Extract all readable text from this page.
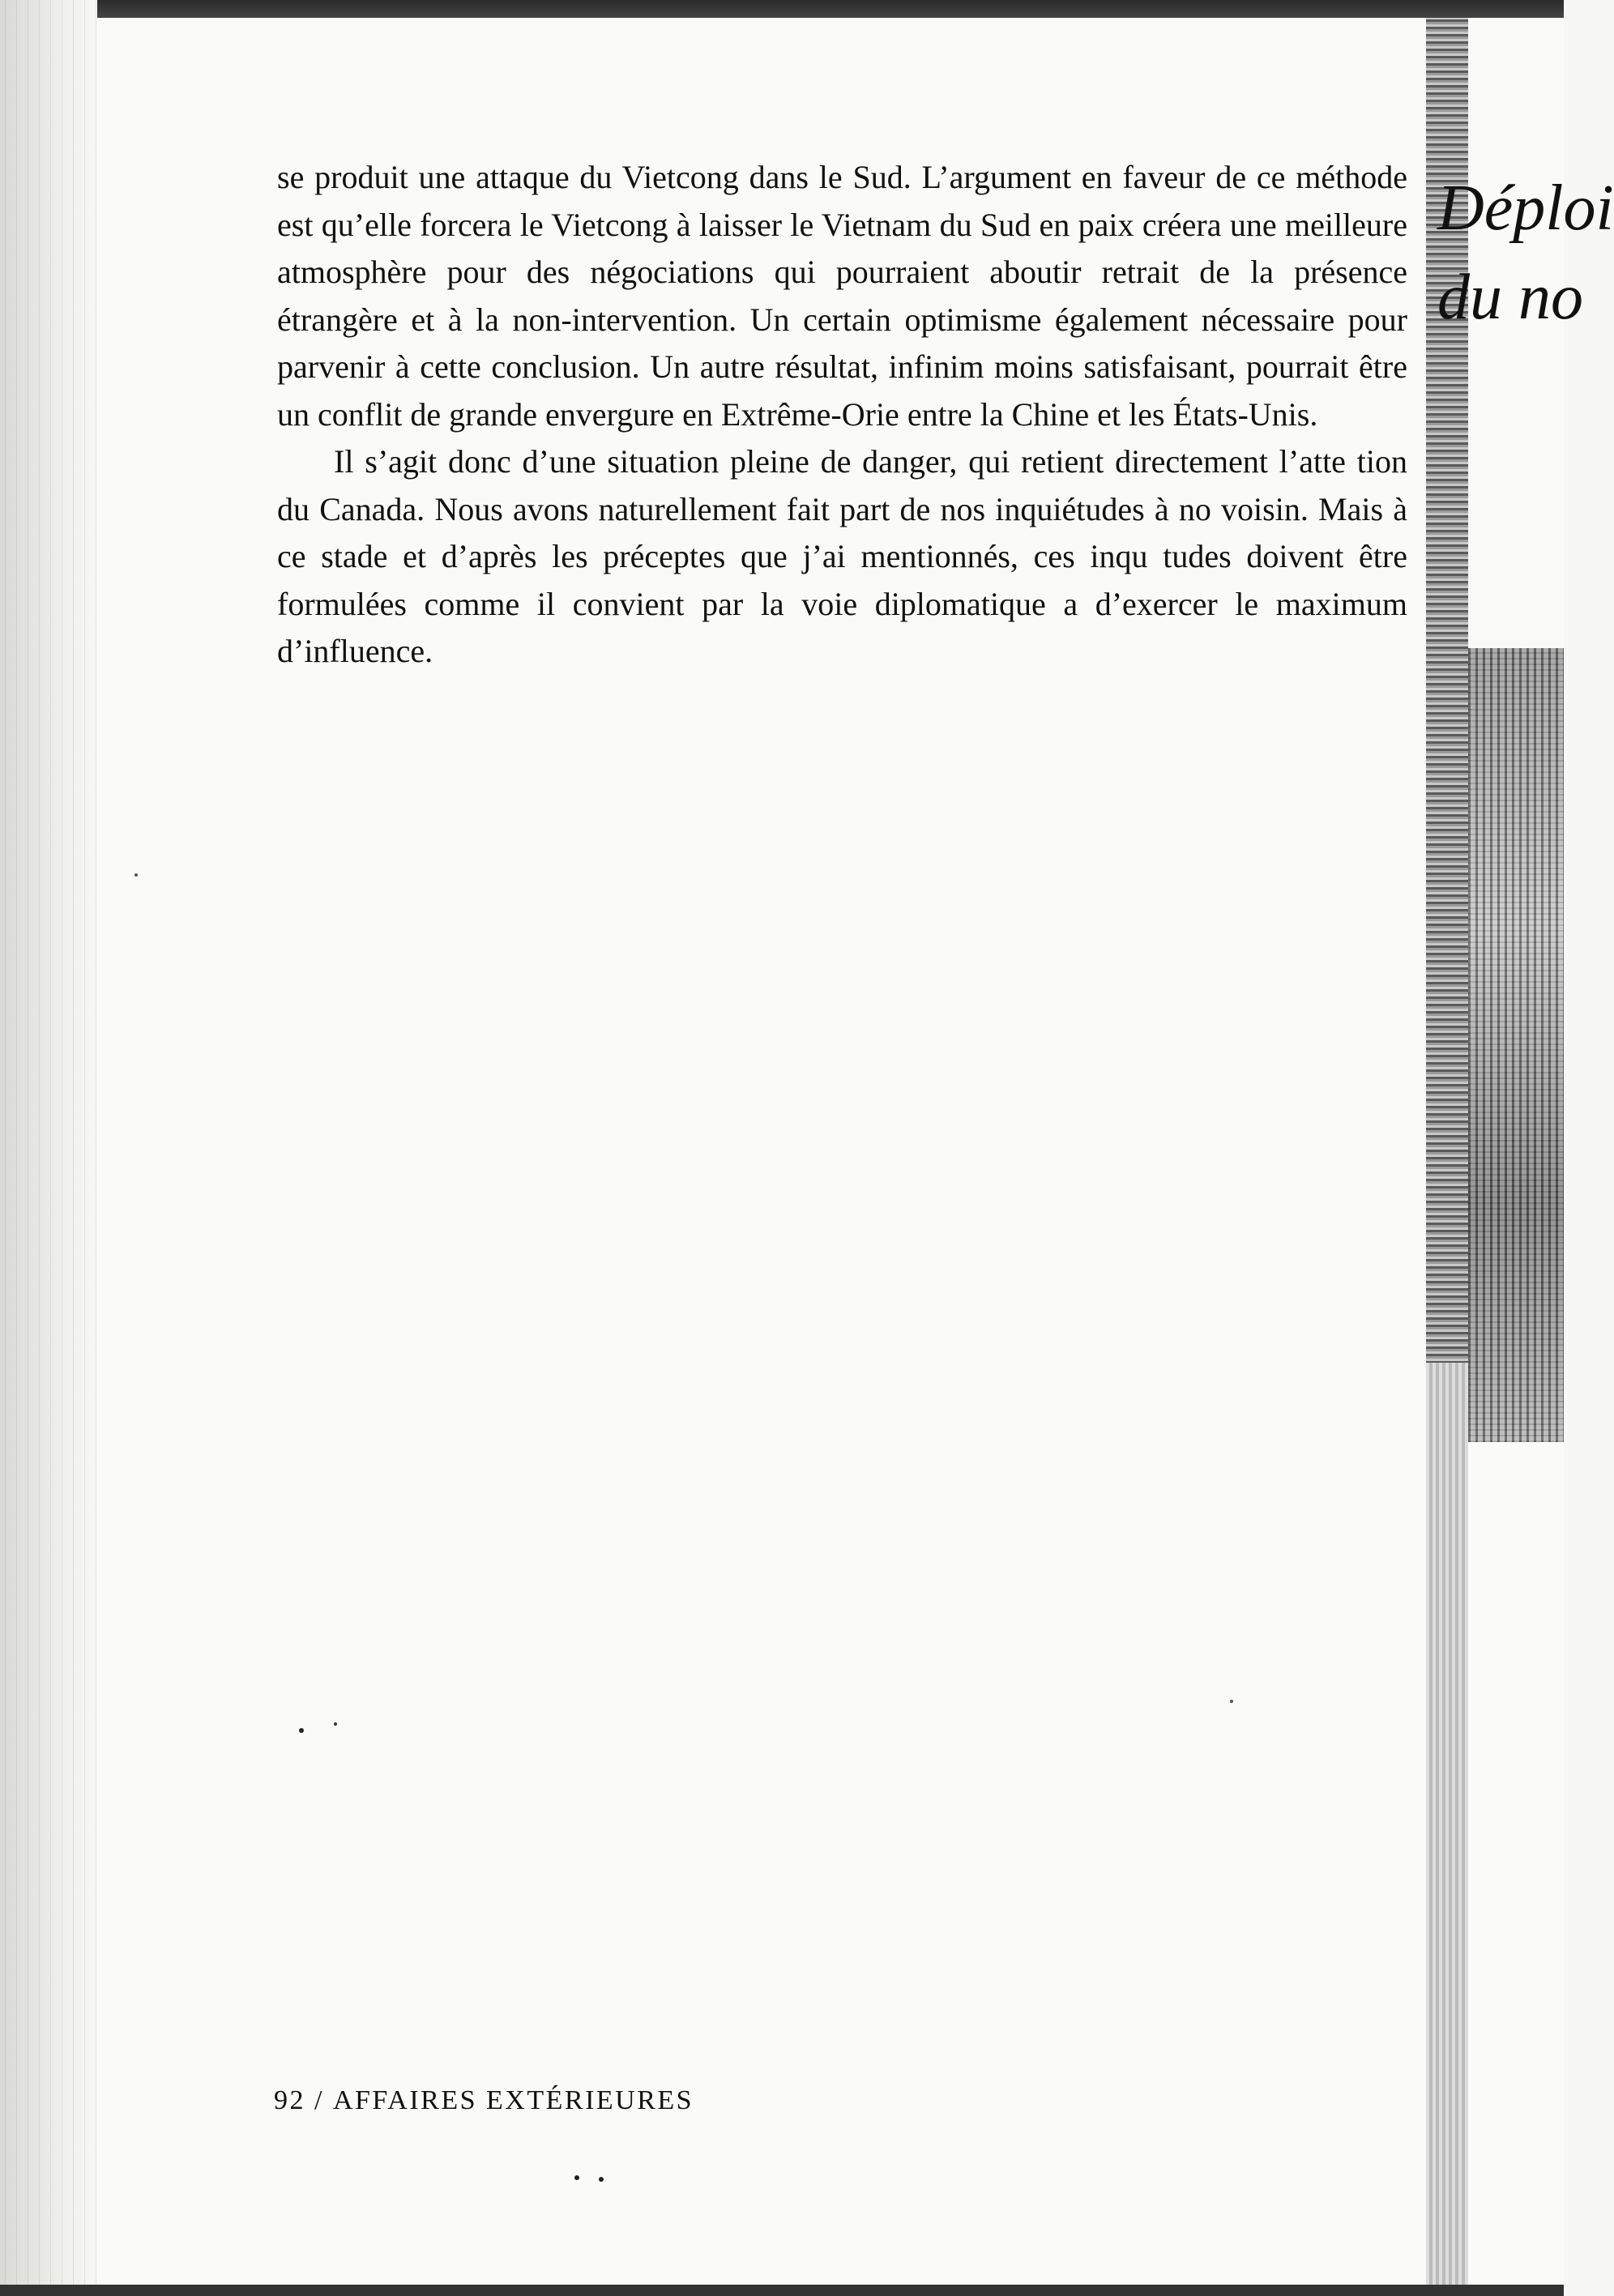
se produit une attaque du Vietcong dans le Sud. L’argument en faveur de ce méthode est qu’elle forcera le Vietcong à laisser le Vietnam du Sud en paix créera une meilleure atmosphère pour des négociations qui pourraient aboutir retrait de la présence étrangère et à la non-intervention. Un certain optimisme également nécessaire pour parvenir à cette conclusion. Un autre résultat, infinim moins satisfaisant, pourrait être un conflit de grande envergure en Extrême-Orie entre la Chine et les États-Unis.

Il s’agit donc d’une situation pleine de danger, qui retient directement l’atte tion du Canada. Nous avons naturellement fait part de nos inquiétudes à no voisin. Mais à ce stade et d’après les préceptes que j’ai mentionnés, ces inqu tudes doivent être formulées comme il convient par la voie diplomatique a d’exercer le maximum d’influence.

92 / AFFAIRES EXTÉRIEURES
Déploi
du no
